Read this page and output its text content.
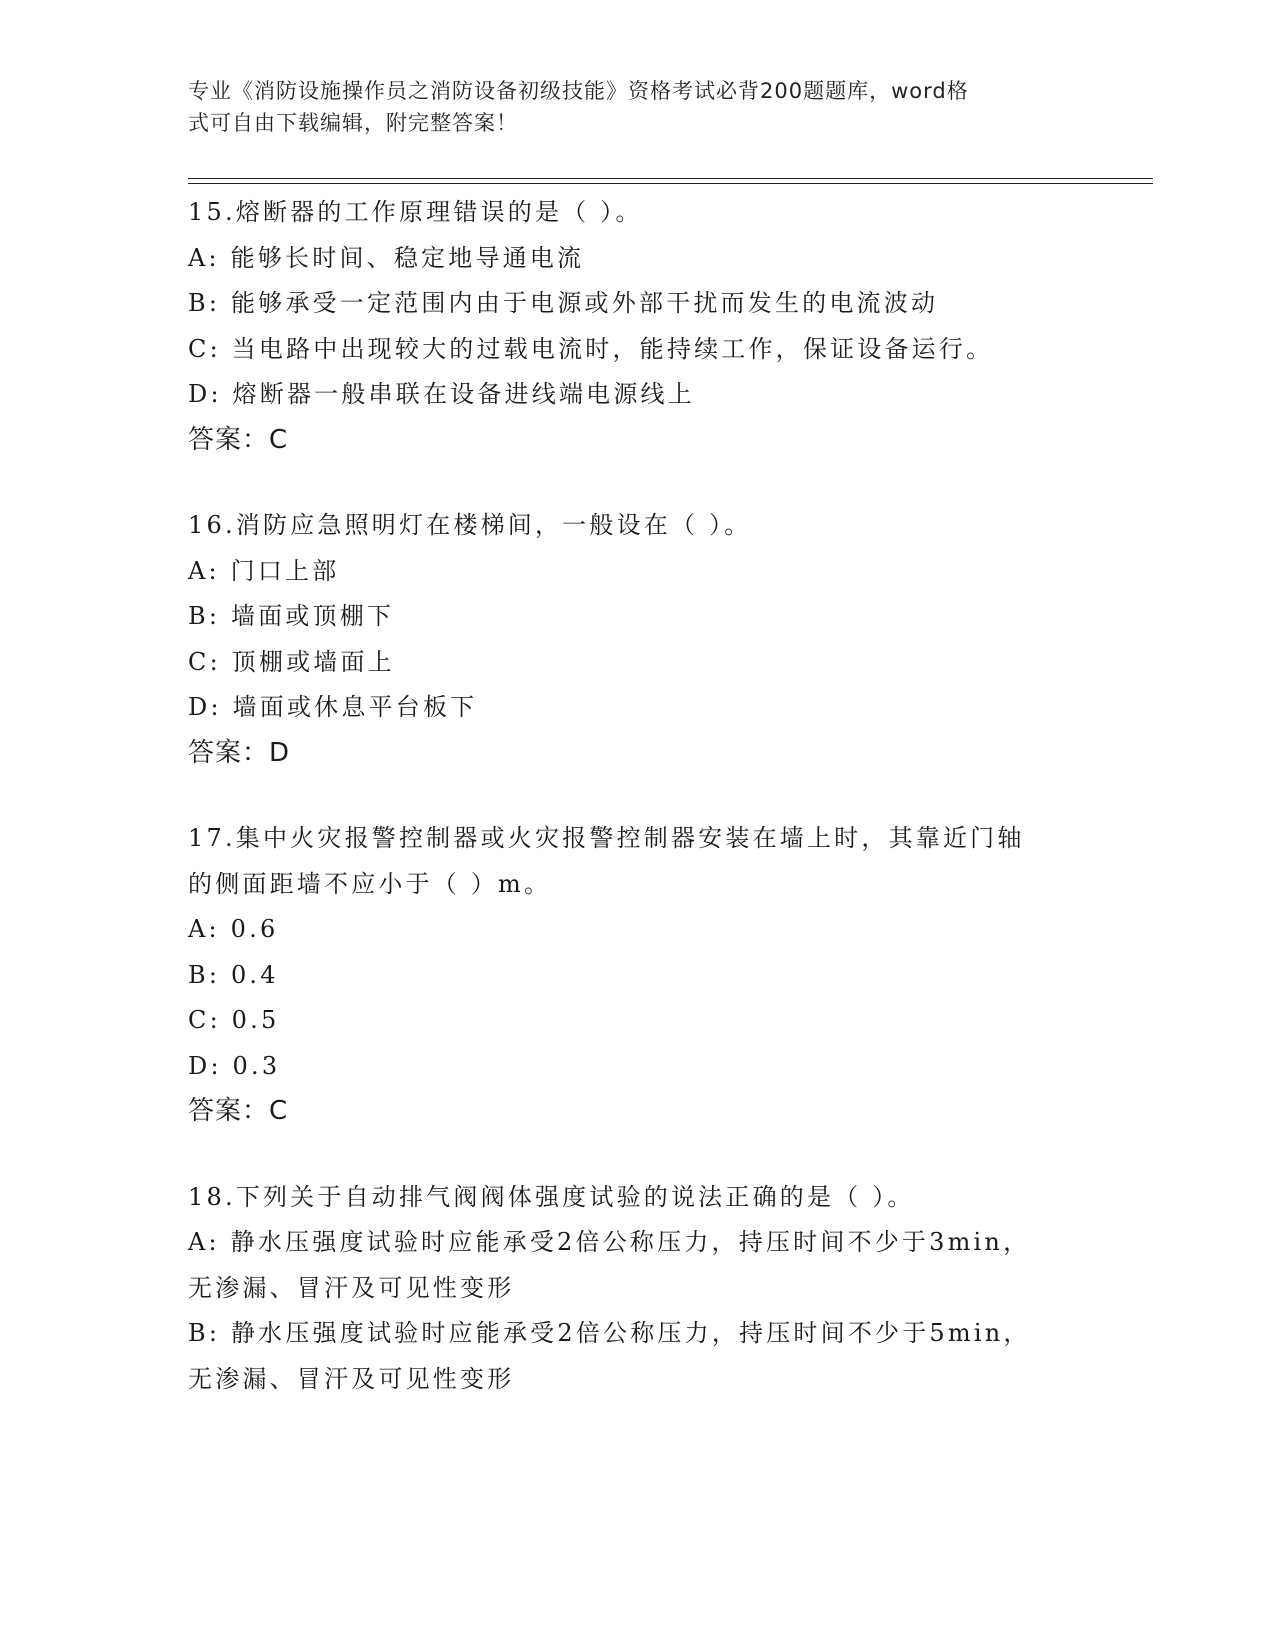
专业《消防设施操作员之消防设备初级技能》资格考试必背200题题库，word格
式可自由下载编辑，附完整答案！
15.熔断器的工作原理错误的是（ ）。
A: 能够长时间、稳定地导通电流
B: 能够承受一定范围内由于电源或外部干扰而发生的电流波动
C: 当电路中出现较大的过载电流时，能持续工作，保证设备运行。
D: 熔断器一般串联在设备进线端电源线上
答案：C
16.消防应急照明灯在楼梯间，一般设在（ ）。
A: 门口上部
B: 墙面或顶棚下
C: 顶棚或墙面上
D: 墙面或休息平台板下
答案：D
17.集中火灾报警控制器或火灾报警控制器安装在墙上时，其靠近门轴
的侧面距墙不应小于（ ）m。
A: 0.6
B: 0.4
C: 0.5
D: 0.3
答案：C
18.下列关于自动排气阀阀体强度试验的说法正确的是（ ）。
A: 静水压强度试验时应能承受2倍公称压力，持压时间不少于3min，
无渗漏、冒汗及可见性变形
B: 静水压强度试验时应能承受2倍公称压力，持压时间不少于5min，
无渗漏、冒汗及可见性变形
